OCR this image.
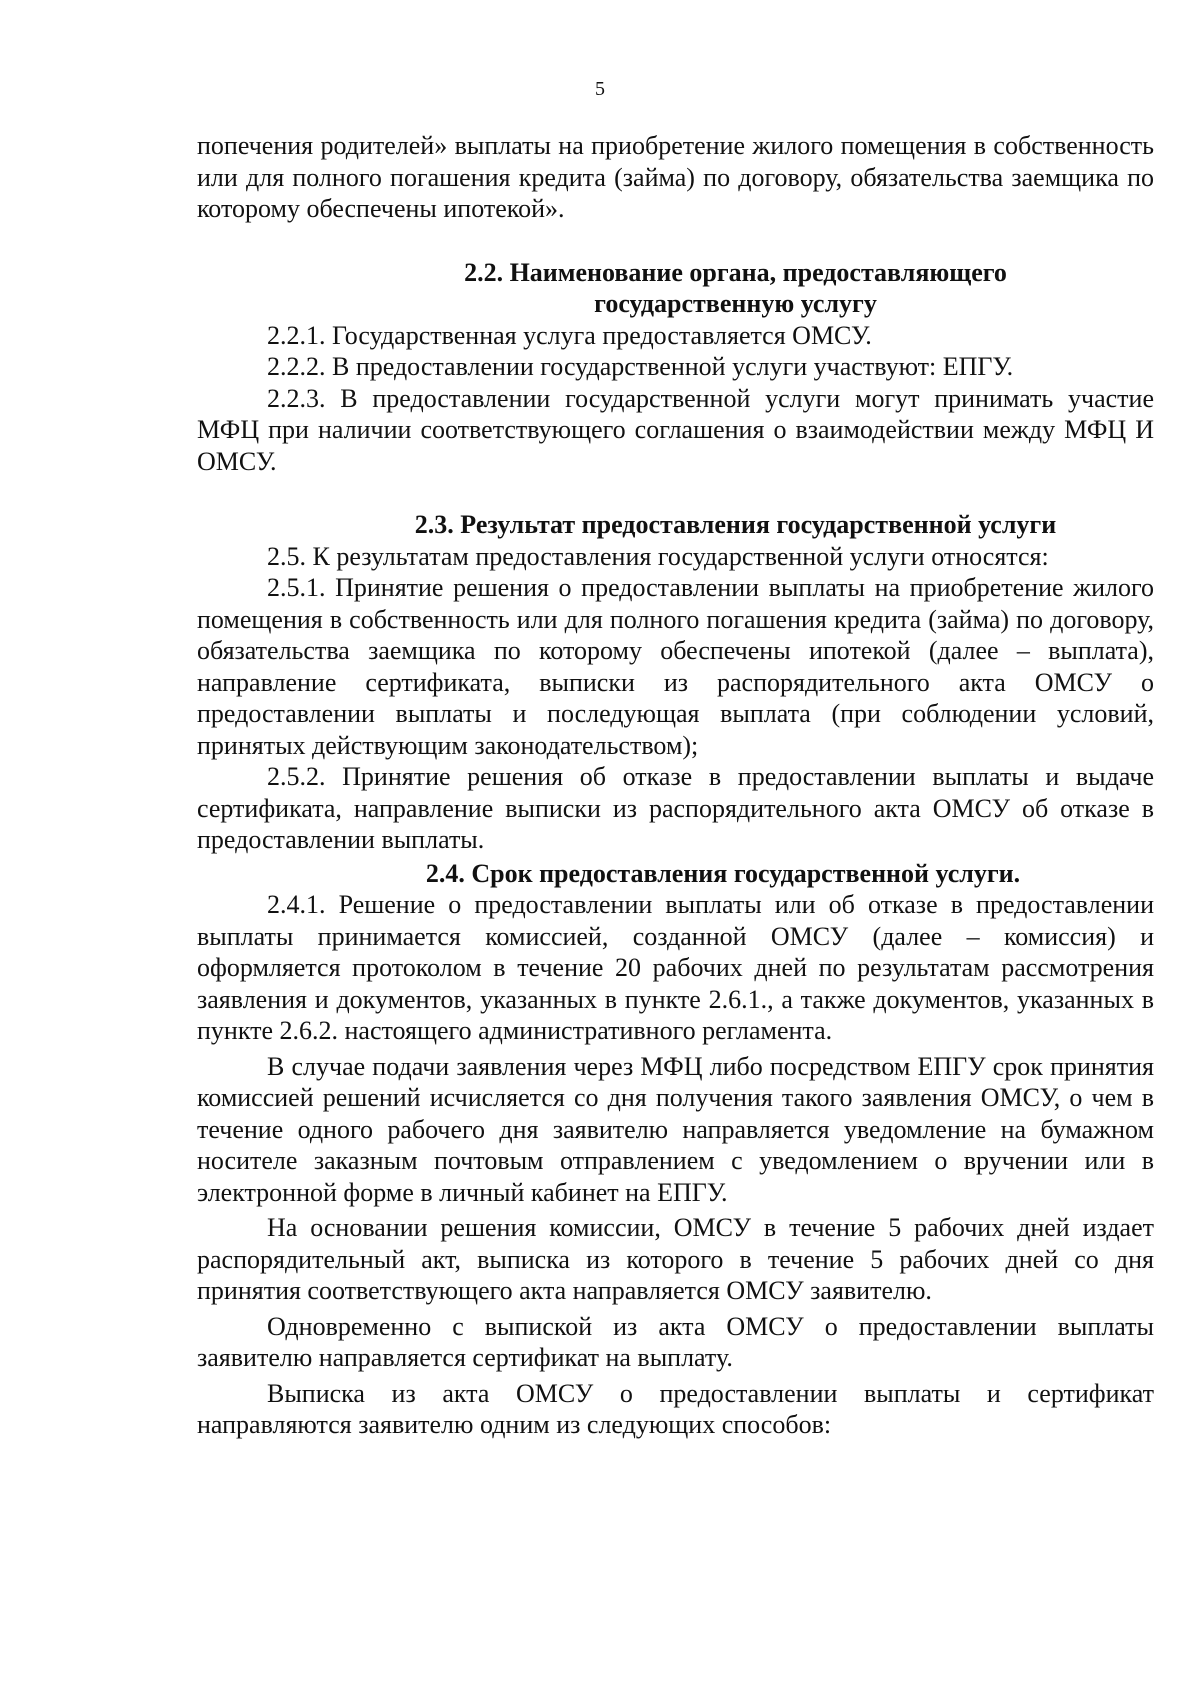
5

попечения родителей» выплаты на приобретение жилого помещения в собственность или для полного погашения кредита (займа) по договору, обязательства заемщика по которому обеспечены ипотекой».

2.2. Наименование органа, предоставляющего
государственную услугу

2.2.1. Государственная услуга предоставляется ОМСУ.

2.2.2. В предоставлении государственной услуги участвуют: ЕПГУ.

2.2.3. В предоставлении государственной услуги могут принимать участие МФЦ при наличии соответствующего соглашения о взаимодействии между МФЦ И ОМСУ.

2.3. Результат предоставления государственной услуги

2.5. К результатам предоставления государственной услуги относятся:

2.5.1. Принятие решения о предоставлении выплаты на приобретение жилого помещения в собственность или для полного погашения кредита (займа) по договору, обязательства заемщика по которому обеспечены ипотекой (далее – выплата), направление сертификата, выписки из распорядительного акта ОМСУ о предоставлении выплаты и последующая выплата (при соблюдении условий, принятых действующим законодательством);

2.5.2. Принятие решения об отказе в предоставлении выплаты и выдаче сертификата, направление выписки из распорядительного акта ОМСУ об отказе в предоставлении выплаты.

2.4. Срок предоставления государственной услуги.

2.4.1. Решение о предоставлении выплаты или об отказе в предоставлении выплаты принимается комиссией, созданной ОМСУ (далее – комиссия) и оформляется протоколом в течение 20 рабочих дней по результатам рассмотрения заявления и документов, указанных в пункте 2.6.1., а также документов, указанных в пункте 2.6.2. настоящего административного регламента.

В случае подачи заявления через МФЦ либо посредством ЕПГУ срок принятия комиссией решений исчисляется со дня получения такого заявления ОМСУ, о чем в течение одного рабочего дня заявителю направляется уведомление на бумажном носителе заказным почтовым отправлением с уведомлением о вручении или в электронной форме в личный кабинет на ЕПГУ.

На основании решения комиссии, ОМСУ в течение 5 рабочих дней издает распорядительный акт, выписка из которого в течение 5 рабочих дней со дня принятия соответствующего акта направляется ОМСУ заявителю.

Одновременно с выпиской из акта ОМСУ о предоставлении выплаты заявителю направляется сертификат на выплату.

Выписка из акта ОМСУ о предоставлении выплаты и сертификат направляются заявителю одним из следующих способов:
